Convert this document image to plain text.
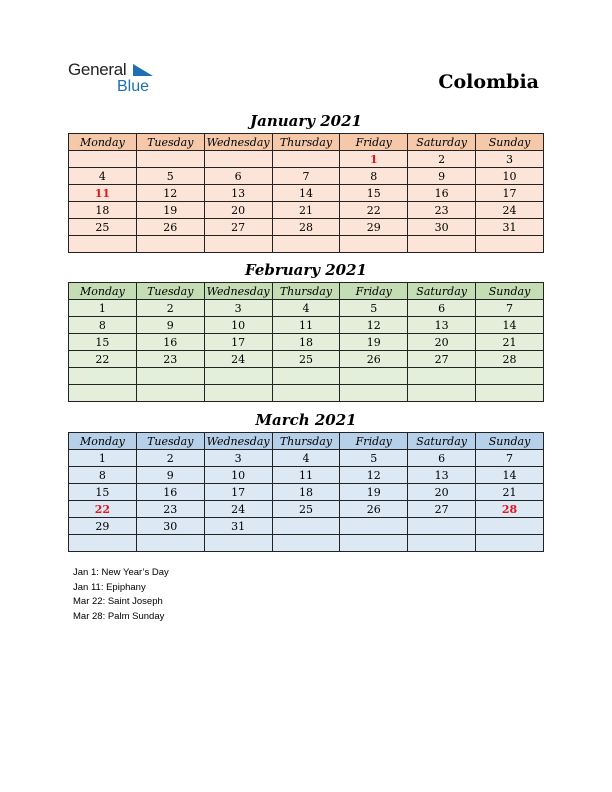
General
Blue	Colombia
January 2021
Monday	Tuesday	Wednesday	Thursday	Friday	Saturday	Sunday
				1	2	3
4	5	6	7	8	9	10
11	12	13	14	15	16	17
18	19	20	21	22	23	24
25	26	27	28	29	30	31

February 2021
Monday	Tuesday	Wednesday	Thursday	Friday	Saturday	Sunday
1	2	3	4	5	6	7
8	9	10	11	12	13	14
15	16	17	18	19	20	21
22	23	24	25	26	27	28

March 2021
Monday	Tuesday	Wednesday	Thursday	Friday	Saturday	Sunday
1	2	3	4	5	6	7
8	9	10	11	12	13	14
15	16	17	18	19	20	21
22	23	24	25	26	27	28
29	30	31				

Jan 1: New Year’s Day
Jan 11: Epiphany
Mar 22: Saint Joseph
Mar 28: Palm Sunday
